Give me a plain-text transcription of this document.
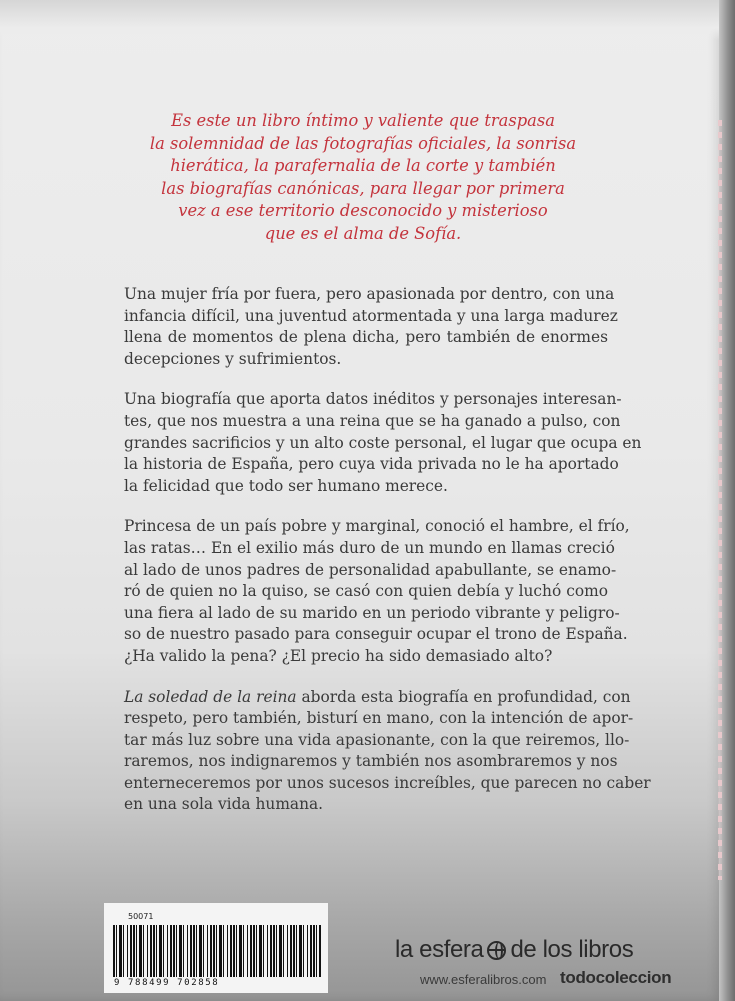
Es este un libro íntimo y valiente que traspasa
la solemnidad de las fotografías oficiales, la sonrisa
hierática, la parafernalia de la corte y también
las biografías canónicas, para llegar por primera
vez a ese territorio desconocido y misterioso
que es el alma de Sofía.

Una mujer fría por fuera, pero apasionada por dentro, con una
infancia difícil, una juventud atormentada y una larga madurez
llena de momentos de plena dicha, pero también de enormes
decepciones y sufrimientos.

Una biografía que aporta datos inéditos y personajes interesan-
tes, que nos muestra a una reina que se ha ganado a pulso, con
grandes sacrificios y un alto coste personal, el lugar que ocupa en
la historia de España, pero cuya vida privada no le ha aportado
la felicidad que todo ser humano merece.

Princesa de un país pobre y marginal, conoció el hambre, el frío,
las ratas… En el exilio más duro de un mundo en llamas creció
al lado de unos padres de personalidad apabullante, se enamo-
ró de quien no la quiso, se casó con quien debía y luchó como
una fiera al lado de su marido en un periodo vibrante y peligro-
so de nuestro pasado para conseguir ocupar el trono de España.
¿Ha valido la pena? ¿El precio ha sido demasiado alto?

La soledad de la reina aborda esta biografía en profundidad, con
respeto, pero también, bisturí en mano, con la intención de apor-
tar más luz sobre una vida apasionante, con la que reiremos, llo-
raremos, nos indignaremos y también nos asombraremos y nos
enterneceremos por unos sucesos increíbles, que parecen no caber
en una sola vida humana.

50071
9 788499 702858

la esfera de los libros

www.esferalibros.com todocoleccion
